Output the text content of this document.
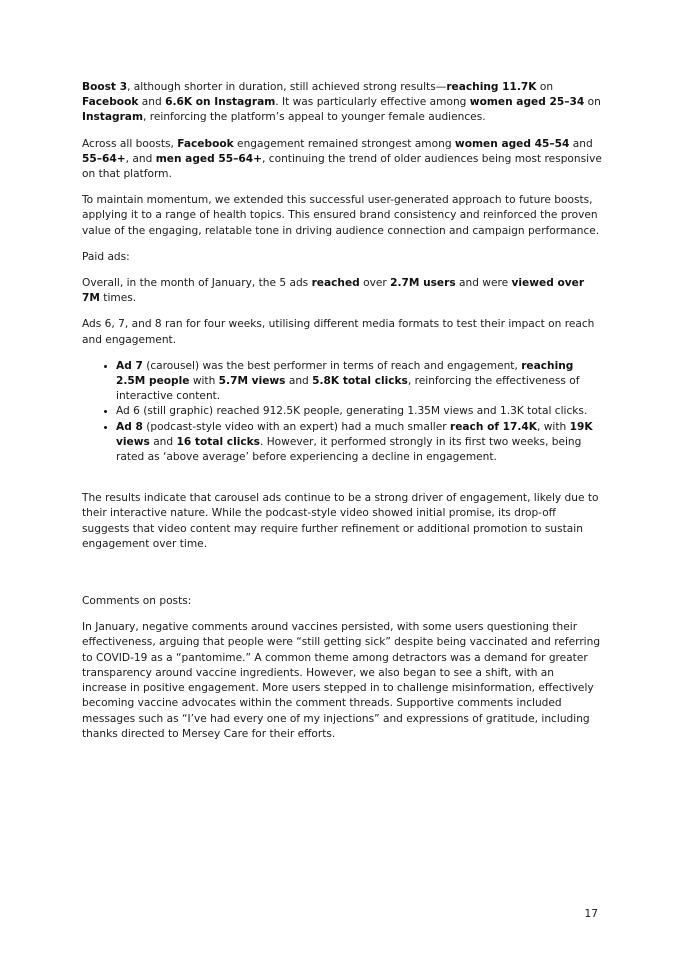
Boost 3, although shorter in duration, still achieved strong results—reaching 11.7K on Facebook and 6.6K on Instagram. It was particularly effective among women aged 25–34 on Instagram, reinforcing the platform’s appeal to younger female audiences.

Across all boosts, Facebook engagement remained strongest among women aged 45–54 and 55–64+, and men aged 55–64+, continuing the trend of older audiences being most responsive on that platform.

To maintain momentum, we extended this successful user-generated approach to future boosts, applying it to a range of health topics. This ensured brand consistency and reinforced the proven value of the engaging, relatable tone in driving audience connection and campaign performance.

Paid ads:

Overall, in the month of January, the 5 ads reached over 2.7M users and were viewed over 7M times.

Ads 6, 7, and 8 ran for four weeks, utilising different media formats to test their impact on reach and engagement.

• Ad 7 (carousel) was the best performer in terms of reach and engagement, reaching 2.5M people with 5.7M views and 5.8K total clicks, reinforcing the effectiveness of interactive content.
• Ad 6 (still graphic) reached 912.5K people, generating 1.35M views and 1.3K total clicks.
• Ad 8 (podcast-style video with an expert) had a much smaller reach of 17.4K, with 19K views and 16 total clicks. However, it performed strongly in its first two weeks, being rated as ‘above average’ before experiencing a decline in engagement.

The results indicate that carousel ads continue to be a strong driver of engagement, likely due to their interactive nature. While the podcast-style video showed initial promise, its drop-off suggests that video content may require further refinement or additional promotion to sustain engagement over time.

Comments on posts:

In January, negative comments around vaccines persisted, with some users questioning their effectiveness, arguing that people were “still getting sick” despite being vaccinated and referring to COVID-19 as a “pantomime.” A common theme among detractors was a demand for greater transparency around vaccine ingredients. However, we also began to see a shift, with an increase in positive engagement. More users stepped in to challenge misinformation, effectively becoming vaccine advocates within the comment threads. Supportive comments included messages such as “I’ve had every one of my injections” and expressions of gratitude, including thanks directed to Mersey Care for their efforts.

17
